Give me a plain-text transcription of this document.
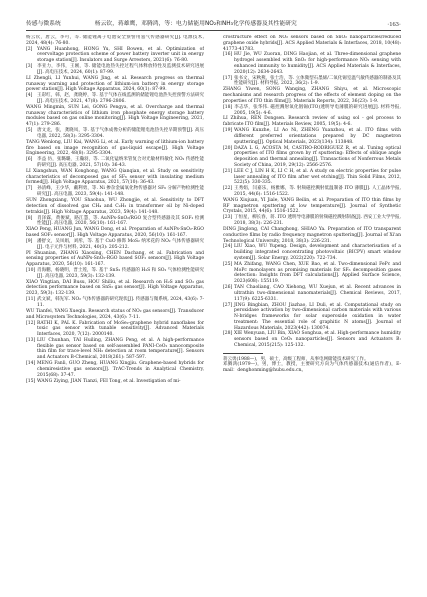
传感与微系统	杨云钦，蒋雄鹰，邓腾鸿，等：电力储能用NO₂和NH₃化学传感器及其性能研究	·163·

杨云钦，唐云，李可，等. 储能锂离子电池安全预警用氢气传感器研究[J]. 电源技术, 2024, 48(4): 76-80.

[2] YANG Huanhong, HONG Yu, SHI Bowen, et al. Optimization of overvoltage protection scheme of power battery inverter unit in energy storage station[J]. Insulators and Surge Arresters, 2021(6): 76-80.

[3] 李亚力，李伟，王刚，等. 储能电池热失控过程气体释放特性及监测技术研究进展[J]. 高电压技术, 2024, 60(1): 87-99.

LI Zhengli, LI Yunhui, WANG Jing, et al. Research progress on thermal runaway warning and protection of lithium-ion battery in energy storage power station[J]. High Voltage Apparatus, 2024, 60(1): 87-99.

[4] 王彩红，韩，赵，龚晓婷，等. 基于气体在线监测的储能锂电池热失控预警方法研究[J]. 高电压技术, 2021, 47(8): 2796-2806.

WANG Mingmin, SUN Lei, GONG Pengya, et al. Overcharge and thermal runaway characteristics of lithium iron phosphate energy storage battery modules based on gas online monitoring[J]. High Voltage Engineering, 2021, 47(1): 279-286.

[5] 唐文龙，张，龚晓凤，等. 基于气体成像分析的储能锂电池热失控早期预警[J]. 高压电器, 2022, 58(3): 3295-3304.

TANG Wenlong, LIU Kai, WANG Li, et al. Early warning of lithium-ion battery fire based on image recognition of gas-liquid escape[J]. High Voltage Engineering, 2022, 48(8): 3295-3304.

[6] 李益 仿，张璐璐，王瀚羽，等. 二氧化锰纳米管复合对光敏材料敏化 NO₂ 传感性能的研究[J]. 高压电器, 2021, 57(10): 36-43.

LI Xiangshun, WAN Konghong, WANG Qianqian, et al. Study on sensitivity characteristics of decomposed gas of SF₆ sensor with insulating medium formed[J]. High Voltage Apparatus, 2021, 57(10): 36-43.

[7] 孙清峰，王少华，戴利勇，等. Ni 掺杂金属氧化物传感器对 SF₆ 分解产物检测性能研究[J]. 高压电器, 2023, 59(4): 141-148.

SUN Zhongxiang, YOU Shaohua, WU Zhongjie, et al. Sensitivity to DFT detection of dissolved gas CH₄ and C₂H₂ in transformer oil by Ni-doped tetrakis[J]. High Voltage Apparatus, 2023, 59(4): 141-148.

[8] 肖泽霖，黄俊斌，路江慧，等. AuNPs-SnO₂/RGO 复合型传感器及其 SOF₂ 检测性能[J]. 高压电器, 2020, 56(10): 161-167.

XIAO Peng, HUANG Jun, WANG Dong, et al. Preparation of AuNPs-SnO₂-RGO based SOF₂ sensor[J]. High Voltage Apparatus, 2020, 56(10): 161-167.

[9] 潘舒文，吴凤娟，刘彤，等. 基于 CuO 修饰 MoS₂ 纳米花的 NO₂ 气体传感器研究[J]. 电子元件与材料, 2021, 40(3): 205-212.

PI Shuanian, ZHANG Xiaoxing, CHEN Dachang, et al. Fabrication and sensing properties of AuNPs-SnO₂-RGO based SOF₂ sensors[J]. High Voltage Apparatus, 2020, 56(10): 161-167.

[10] 肖海鹏，杨晓明，晋士莲，等. 基于 SnS₂ 传感器的 H₂S 和 SO₂ 气体检测性能研究[J]. 高压电器, 2023, 59(3): 132-139.

XIAO Yingtian, DAI Busu, HOU Shiliu, et al. Research on H₂S and SO₂ gas detection performance based on SnS₂ gas sensor[J]. High Voltage Apparatus, 2023, 59(3): 132-139.

[11] 武文斌，韩先军. NO₂ 气体传感器的研究现状[J]. 传感器与微系统, 2024, 43(6): 7-11.

WU Tianfei, YANG Xueqin. Research status of NO₂ gas sensors[J]. Transducer and Microsystem Technologies, 2024, 43(6): 7-11.

[12] RATHI K, PAL K. Fabrication of MoSe₂-graphene hybrid nanoflakes for toxic gas sensor with tunable sensitivity[J]. Advanced Materials Interfaces, 2020, 7(12): 2000140.

[13] LIU Chunhan, TAI Huiling, ZHANG Peng, et al. A high-performance flexible gas sensor based on self-assembled PANI-CeO₂ nanocomposite thin film for trace-level NH₃ detection at room temperature[J]. Sensors and Actuators B-Chemical, 2018(261): 587-597.

[14] MENG Fanli, GUO Zheng, HUANG Xingjiu. Graphene-based hybrids for chemiresistive gas sensors[J]. TrAC-Trends in Analytical Chemistry, 2015(68): 37-47.

[15] WANG Ziying, JIAN Tianzi, FEI Tong, et al. Investigation of mi-

crostructure effect on NO₂ sensors based on SnO₂ nanoparticles/reduced graphene oxide hybrids[J]. ACS Applied Materials & Interfaces, 2018, 10(48): 41773-41783.

[16] HU Jie, WU Zuoran, DING Haojian, et al. Three-dimensional graphene hydrogel assembled with SnO₂ for high-performance NO₂ sensing with enhanced immunity to humidity[J]. ACS Applied Materials & Interfaces, 2020(12): 2634-2643.

[17] 张书文，宋秋燕，张士浩，等. 立体微型石墨烯/二氧化锡室温气敏传感器的制备及其性能研究[J]. 材料导报, 2022, 36(2): 1-9.

ZHANG Yiwen, SONG Wanqing, ZHANG Shiyu, et al. Microscopic mechanisms and research progress of the effects of element doping on the properties of ITO thin films[J]. Materials Reports, 2022, 36(23): 1-9.

[18] 李志华，张华伟. 磁控溅射氧化铟锡(ITO)透明导电薄膜的研究进展[J]. 材料导报, 2005, 19(5): 4-6.

LI Zhihua, REN Dongsen. Research review of using sol - gel process to fabricate ITO film[J]. Materials Review, 2005, 19(5): 4-6.

[19] WANG Kunzhe, LI Ao Ni, ZHENG Yuanzhou, et al. ITO films with different preferred orientations prepared by DC magnetron sputtering[J]. Optical Materials, 2023(134): 113848.

[20] DAZA L G, ACOSTA M, CASTRO-RODRIGUEZ R, et al. Tuning optical properties of ITO films grown by rf sputtering: Effects of oblique angle deposition and thermal annealing[J]. Transactions of Nonferrous Metals Society of China, 2019, 29(12): 2566-2576.

[21] LEE C J, LIN H K, LI C H, et al. A study on electric properties for pulse laser annealing of ITO film after wet etching[J]. Thin Solid Films, 2012, 522(5): 330-335.

[22] 王秀娟，闫嘉乐，杨雅娜，等. 射频磁控溅射低温制备 ITO 薄膜[J]. 人工晶体学报, 2015, 44(6): 1516-1522.

WANG Xiujuan, YI Jiale, YANG Beilin, et al. Preparation of ITO thin films by RF magnetron sputtering at low temperature[J]. Journal of Synthetic Crystals, 2015, 44(6): 1516-1522.

[23] 丁恒星，柳长春，蒋. ITO 透明导电薄膜的射频磁控溅射制备[J]. 西安工业大学学报, 2018, 38(3): 226-231.

DING Jinglong, CAI Changhong, SHIAO Ya. Preparation of ITO transparent conductive films by radio frequency magnetron sputtering[J]. Journal of Xi'an Technological University, 2018, 38(3): 226-231.

[24] LIU Xiao, WU Yupeng. Design, development and characterisation of a building integrated concentrating photovoltaic (BICPV) smart window system[J]. Solar Energy, 2022(220): 722-734.

[25] MA Zhifang, WANG Chen, XUE Bao, et al. Two-dimensional FePc and MoPc monolayers as promising materials for SF₆ decomposition gases detection: Insights from DFT calculations[J]. Applied Surface Science, 2023(608): 155119.

[26] TAN Chaoliang, CAO Xiehong, WU Xuejun, et al. Recent advances in ultrathin two-dimensional nanomaterials[J]. Chemical Reviews, 2017, 117(9): 6225-6331.

[27] JING Bingbian, ZHOU Jiazhao, LI Duli, et al. Computational study on peroxidase activation by two-dimensional carbon materials with various N-bridges frameworks for solar superoxide oxidation in water treatment: The essential role of graphitic N atoms[J]. Journal of Hazardous Materials, 2023(442): 130074.

[28] XIE Wenyuan, LIU Bin, XIAO Songhua, et al. High-performance humidity sensors based on CeO₂ nanoparticles[J]. Sensors and Actuators B: Chemical, 2015(215): 125-132.

蒋云勇(1988—)，男，硕士，高级工程师，从事电网储能技术研究工作。

邓腾鸿(1979—)，男，博士，教授，主要研究方向为气体传感器技术(通信作者)，E-mail：denghonming@hubu.edu.cn。
